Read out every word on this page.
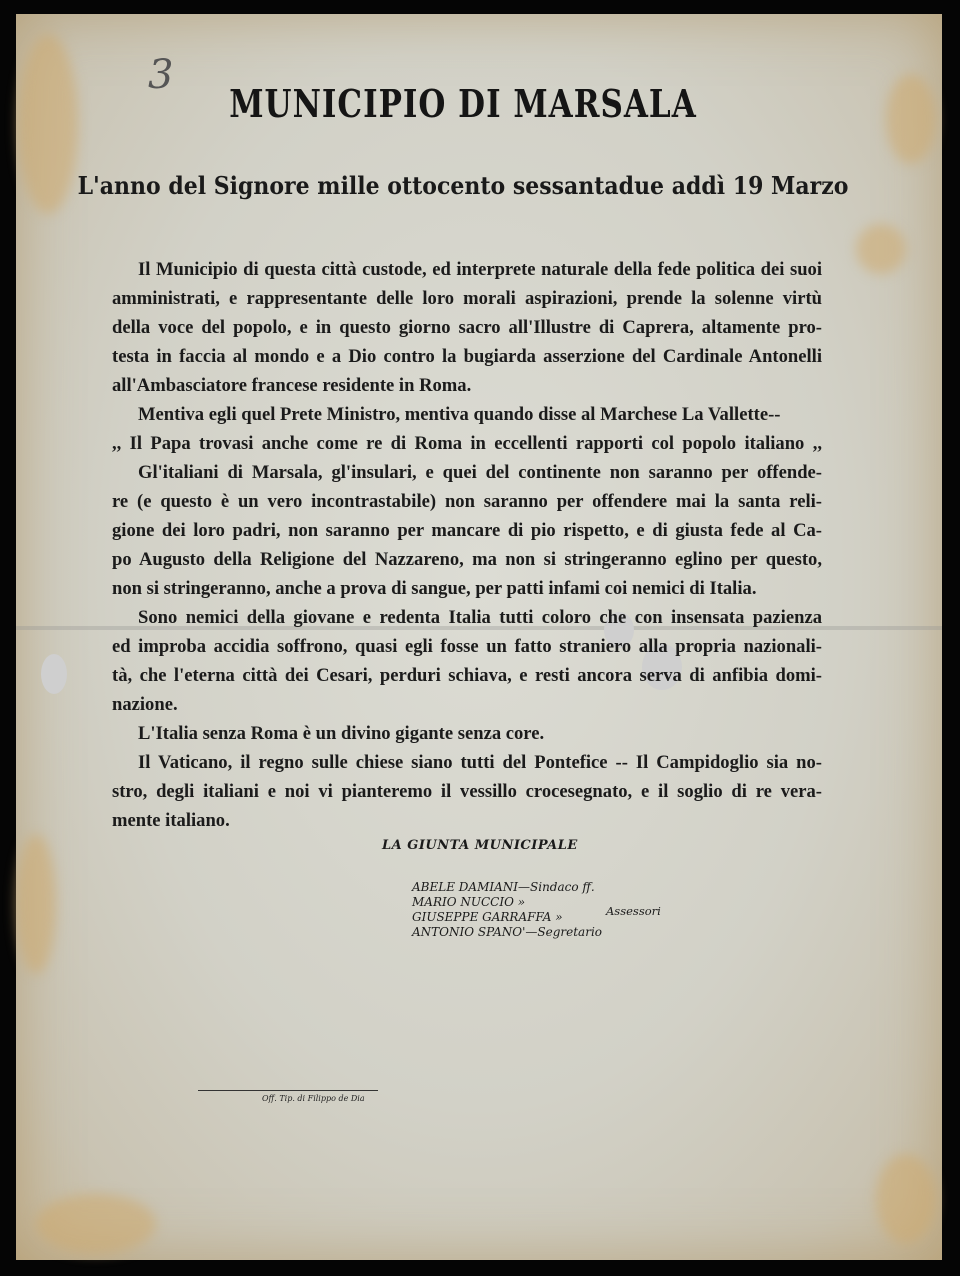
3
MUNICIPIO DI MARSALA
L'anno del Signore mille ottocento sessantadue addì 19 Marzo
Il Municipio di questa città custode, ed interprete naturale della fede politica dei suoi
amministrati, e rappresentante delle loro morali aspirazioni, prende la solenne virtù
della voce del popolo, e in questo giorno sacro all'Illustre di Caprera, altamente pro-
testa in faccia al mondo e a Dio contro la bugiarda asserzione del Cardinale Antonelli
all'Ambasciatore francese residente in Roma.
Mentiva egli quel Prete Ministro, mentiva quando disse al Marchese La Vallette--
,, Il Papa trovasi anche come re di Roma in eccellenti rapporti col popolo italiano ,,
Gl'italiani di Marsala, gl'insulari, e quei del continente non saranno per offende-
re (e questo è un vero incontrastabile) non saranno per offendere mai la santa reli-
gione dei loro padri, non saranno per mancare di pio rispetto, e di giusta fede al Ca-
po Augusto della Religione del Nazzareno, ma non si stringeranno eglino per questo,
non si stringeranno, anche a prova di sangue, per patti infami coi nemici di Italia.
Sono nemici della giovane e redenta Italia tutti coloro che con insensata pazienza
ed improba accidia soffrono, quasi egli fosse un fatto straniero alla propria nazionali-
tà, che l'eterna città dei Cesari, perduri schiava, e resti ancora serva di anfibia domi-
nazione.
L'Italia senza Roma è un divino gigante senza core.
Il Vaticano, il regno sulle chiese siano tutti del Pontefice -- Il Campidoglio sia no-
stro, degli italiani e noi vi pianteremo il vessillo crocesegnato, e il soglio di re vera-
mente italiano.
LA GIUNTA MUNICIPALE
ABELE DAMIANI—Sindaco ff.
MARIO NUCCIO »
GIUSEPPE GARRAFFA »
ANTONIO SPANO'—Segretario
Assessori
Off. Tip. di Filippo de Dia
